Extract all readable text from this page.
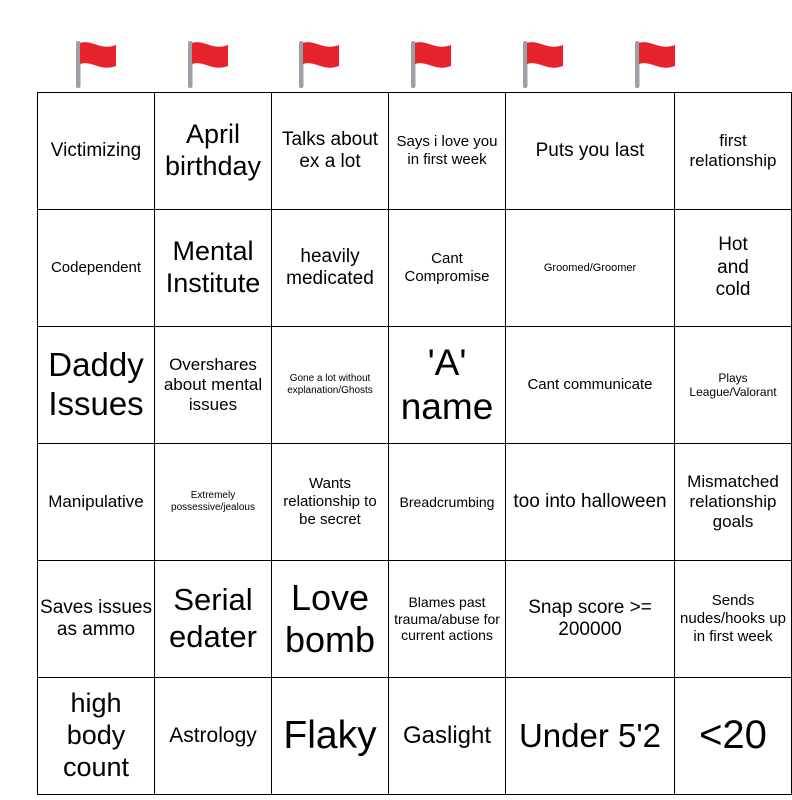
Victimizing	April birthday	Talks about ex a lot	Says i love you in first week	Puts you last	first relationship
Codependent	Mental Institute	heavily medicated	Cant Compromise	Groomed/Groomer	Hot and cold
Daddy Issues	Overshares about mental issues	Gone a lot without explanation/Ghosts	'A' name	Cant communicate	Plays League/Valorant
Manipulative	Extremely possessive/jealous	Wants relationship to be secret	Breadcrumbing	too into halloween	Mismatched relationship goals
Saves issues as ammo	Serial edater	Love bomb	Blames past trauma/abuse for current actions	Snap score >= 200000	Sends nudes/hooks up in first week
high body count	Astrology	Flaky	Gaslight	Under 5'2	<20
